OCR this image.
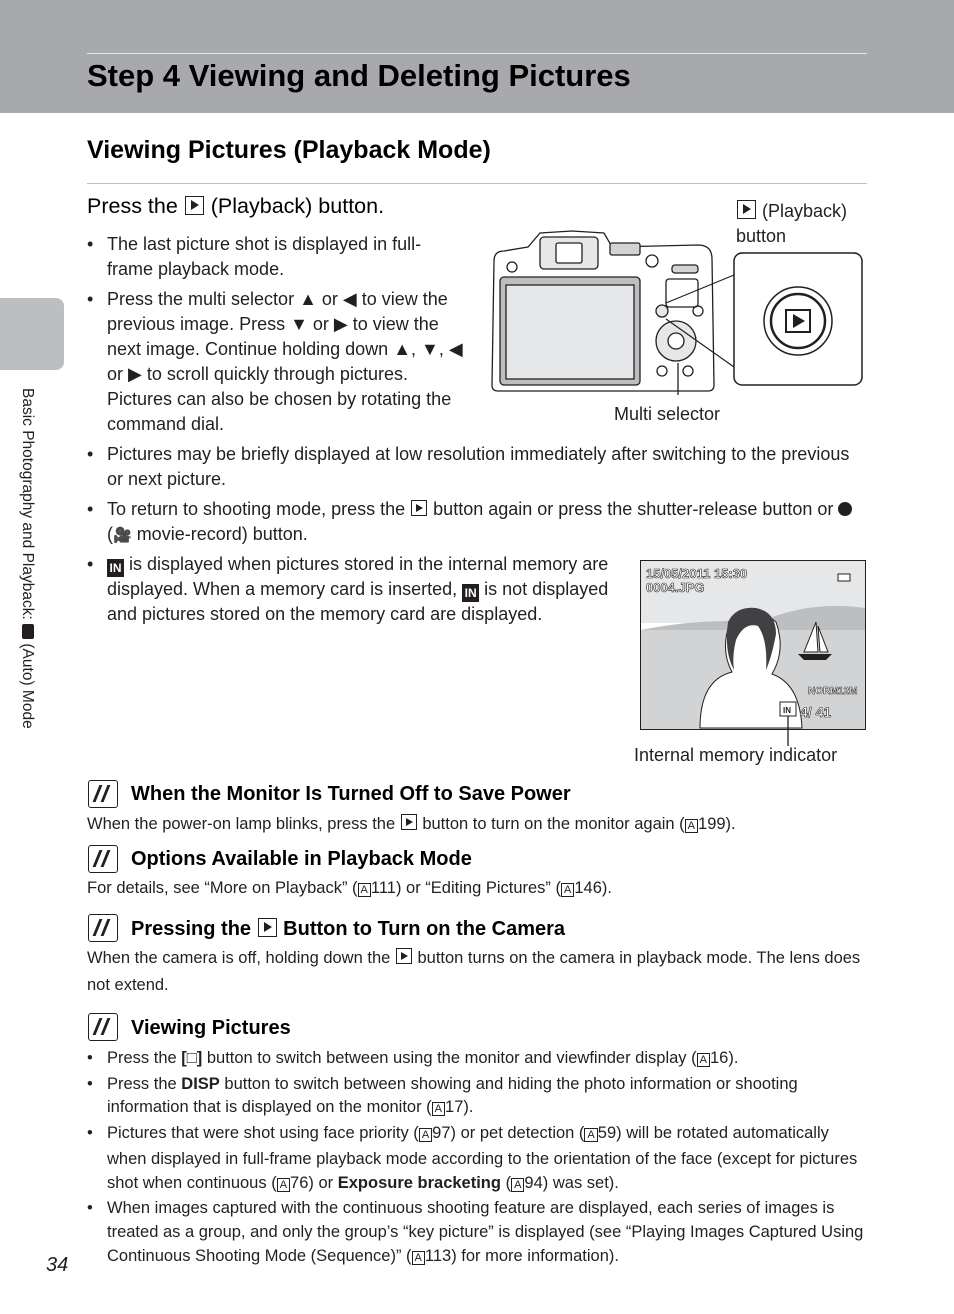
Step 4 Viewing and Deleting Pictures
Viewing Pictures (Playback Mode)
Basic Photography and Playback:  (Auto) Mode
Press the  (Playback) button.
• The last picture shot is displayed in full-frame playback mode.
• Press the multi selector ▲ or ◀ to view the previous image. Press ▼ or ▶ to view the next image. Continue holding down ▲, ▼, ◀ or ▶ to scroll quickly through pictures. Pictures can also be chosen by rotating the command dial.
• Pictures may be briefly displayed at low resolution immediately after switching to the previous or next picture.
• To return to shooting mode, press the  button again or press the shutter-release button or  (🎥 movie-record) button.
• IN is displayed when pictures stored in the internal memory are displayed. When a memory card is inserted, IN is not displayed and pictures stored on the memory card are displayed.
(Playback)
button
Multi selector
15/05/2011 15:30
0004.JPG
NORM 12M
IN 4/ 41
Internal memory indicator
When the Monitor Is Turned Off to Save Power
When the power-on lamp blinks, press the  button to turn on the monitor again ( A 199).
Options Available in Playback Mode
For details, see “More on Playback” ( A 111) or “Editing Pictures” ( A 146).
Pressing the  Button to Turn on the Camera
When the camera is off, holding down the  button turns on the camera in playback mode. The lens does not extend.
Viewing Pictures
• Press the [□] button to switch between using the monitor and viewfinder display ( A 16).
• Press the DISP button to switch between showing and hiding the photo information or shooting information that is displayed on the monitor ( A 17).
• Pictures that were shot using face priority ( A 97) or pet detection ( A 59) will be rotated automatically when displayed in full-frame playback mode according to the orientation of the face (except for pictures shot when continuous ( A 76) or Exposure bracketing ( A 94) was set).
• When images captured with the continuous shooting feature are displayed, each series of images is treated as a group, and only the group’s “key picture” is displayed (see “Playing Images Captured Using Continuous Shooting Mode (Sequence)” ( A 113) for more information).
34
